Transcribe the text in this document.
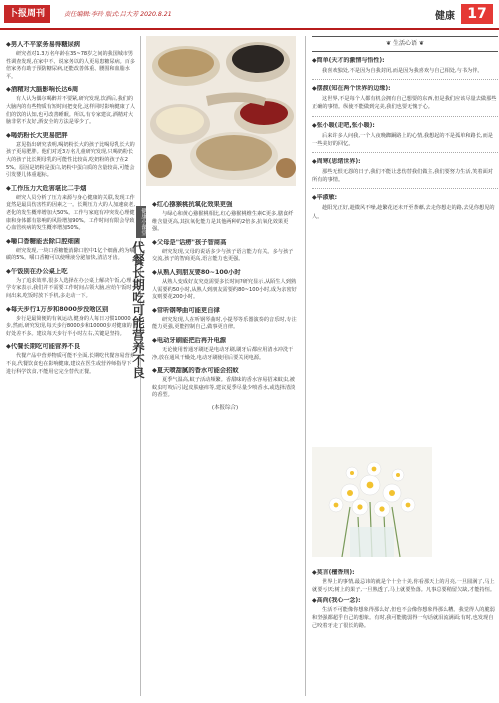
卜报周刊	责任编辑:李玲 版式:吕大芳 2020.8.21	健康 17
◆男人不平家务易得糖尿病

研究者对1.3万名年龄在35~78岁之间的我国城市男性调查发现,在家中不、说家务以的人更易患糖尿病。百多倍家务有助于预防糖尿病,还能改善体重、腰围和血脂水平。

◆酒精对大脑影响长达6周

有人认为偶尔喝醉并不要紧,研究发现,饮酒后,我们的大脑内的有些物质有短时间把变化,这样同时影响健康了人们的饮的认知,也可改善睡眠。所以,有专家建议,酒精对大脑非常不友好,酒安全的方法是零少了。

◆喝奶粉长大更易肥胖

意见指出研究表明,喝奶粉长大的孩子比喝母乳长大的孩子更易肥胖。他们对近3万名儿童研究发现,只喝奶粉长大的孩子比长期母乳的可能性比较高,吃奶粉的孩子在25%。原因是奶粉是蛋白,奶粉中蛋白质的含量较高,可能会引发婴儿体重超标。

◆工作压力大危害堪比二手烟

研究人员分析了压力来源与身心健康的关联,发现工作竟然是最具伤害性的因素之一。长期压力大的人加速衰老,老化的发生概率增加大50%。工作与家庭有冲突发心理健康和身体都有影响的风险增加90%。工作时间有限会导致心血管疾病的发生概率增加50%。

◆嚼口香糖能去除口腔细菌

研究发现,一块口香糖能消除口腔中1亿个细菌,约为嚼碳的5%。嚼口香糖可以使唾液分泌加快,清洁牙齿。

◆午饭别在办公桌上吃

为了追求效率,很多人选择在办公桌上解决午饭,心理学专家表示,我们并不需要工作时间占领大脑,应给午饭时间出来,吃饭时放下手机,多走动一下。

◆每天步行1万步和8000步没啥区别

步行是最简便的有氧运动,健身的人每日习惯10000步,然而,研究发现,每天步行8000步和10000步对健康的好处差不多。建议每天步行半小时左右,关键是坚持。

◆代餐长期吃可能营养不良

代餐产品中营养物质可能不全面,长期吃代餐容易营养不良,代餐饮食也在影响健康,建议在医生或营养师指导下进行科学饮食,不能用它完全替代正餐。

健康小课堂
代餐长期吃可能营养不良
◆红心猕猴桃抗氧化效果更强

与绿心和黄心猕猴桃相比,红心猕猴桃维生素C更多,膳食纤维含量更高,其抗氧化能力是其他两种的2倍多,抗氧化效果更强。

◆父母是"话痨"孩子智商高

研究发现,父母的说话多少与孩子语言能力有关。多与孩子交流,孩子的智商更高,语言能力也更强。

◆从熟人到朋友要80~100小时

从熟人变成好友究竟需要多长时间?研究显示,从陌生人到熟人需要约50小时,从熟人到朋友需要约80~100小时,成为亲密好友则要花200小时。

◆常听钢琴曲可能更自律

研究发现,人在听钢琴曲时,小提琴等乐器演奏的音乐时,专注能力更强,更能控制自己,做事更自律。

◆电动牙刷能把后再升电源

无论使用普通牙刷还是电动牙刷,刷牙后都应用清水冲洗干净,放在通风干燥处,电动牙刷使用后要关闭电源。

◆夏天喷甜腻的香水可能会招蚊

夏季气温高,蚊子活动频繁。香甜味的香水容易招来蚊虫,被蚊虫叮咬后引起皮肤瘙痒等,建议夏季尽量少喷香水,或选择清淡的香型。

(本报综合)
❦ 生活心语 ❦
◆简单(天才的激情与悟性):

我喜欢独处,不是因为自我封闭,而是因为我喜欢与自己相处,与书为伴。

◆摆渡(知在两个世界的边缘):

这世界,不是每个人都有机会拥有自己想要的东西,但是我们应该尽量去做那些正确的事情。纵使不能做到完美,我们也要无愧于心。

◆张小暖(走吧,张小暖):

后来许多人问我,一个人夜晚踟蹰路上的心情,我想起的不是孤单和路长,而是一些美好的回忆。

◆周寒(思绪世界):

那些无恨无怨的日子,我们不能让悲伤替我们做主,我们要努力生活,笑着面对所有的事情。

◆毕淑敏:

趁阳光正好,趁微风不噪,趁繁花还未开至荼蘼,去走你想走的路,去见你想见的人。

◆莫言(檀香刑):

世界上的事情,最忌讳的就是个十全十美,你看那天上的月亮,一旦圆满了,马上就要亏厌;树上的果子,一旦熟透了,马上就要坠落。凡事总要稍留欠缺,才能持恒。

◆高尚(我心一念):

生活不可能像你想象得那么好,但也不会像你想象得那么糟。我觉得人的脆弱和坚强都超乎自己的想象。有时,我可能脆弱得一句话就泪流满面;有时,也发现自己咬着牙走了很长的路。
